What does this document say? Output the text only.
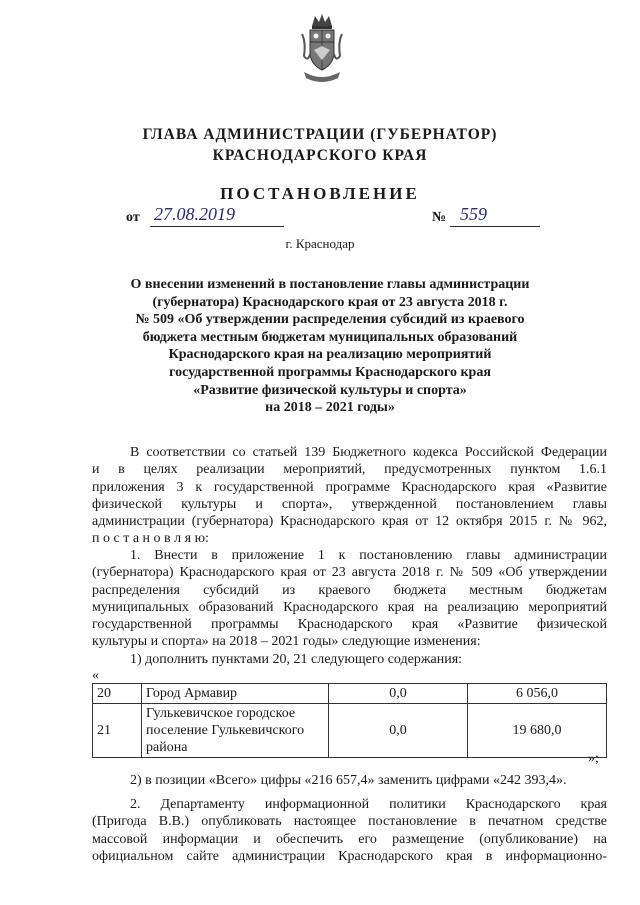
ГЛАВА АДМИНИСТРАЦИИ (ГУБЕРНАТОР)
КРАСНОДАРСКОГО КРАЯ
ПОСТАНОВЛЕНИЕ
от 27.08.2019	№ 559
г. Краснодар
О внесении изменений в постановление главы администрации
(губернатора) Краснодарского края от 23 августа 2018 г.
№ 509 «Об утверждении распределения субсидий из краевого
бюджета местным бюджетам муниципальных образований
Краснодарского края на реализацию мероприятий
государственной программы Краснодарского края
«Развитие физической культуры и спорта»
на 2018 – 2021 годы»
В соответствии со статьей 139 Бюджетного кодекса Российской Федерации
и в целях реализации мероприятий, предусмотренных пунктом 1.6.1
приложения 3 к государственной программе Краснодарского края «Развитие
физической культуры и спорта», утвержденной постановлением главы
администрации (губернатора) Краснодарского края от 12 октября 2015 г. № 962,
п о с т а н о в л я ю:
1. Внести в приложение 1 к постановлению главы администрации
(губернатора) Краснодарского края от 23 августа 2018 г. № 509 «Об утверждении
распределения субсидий из краевого бюджета местным бюджетам
муниципальных образований Краснодарского края на реализацию мероприятий
государственной программы Краснодарского края «Развитие физической
культуры и спорта» на 2018 – 2021 годы» следующие изменения:
1) дополнить пунктами 20, 21 следующего содержания:
«
20	Город Армавир	0,0	6 056,0
21	Гулькевичское городское поселение Гулькевичского района	0,0	19 680,0
»;
2) в позиции «Всего» цифры «216 657,4» заменить цифрами «242 393,4».
2. Департаменту информационной политики Краснодарского края
(Пригода В.В.) опубликовать настоящее постановление в печатном средстве
массовой информации и обеспечить его размещение (опубликование) на
официальном сайте администрации Краснодарского края в информационно-
